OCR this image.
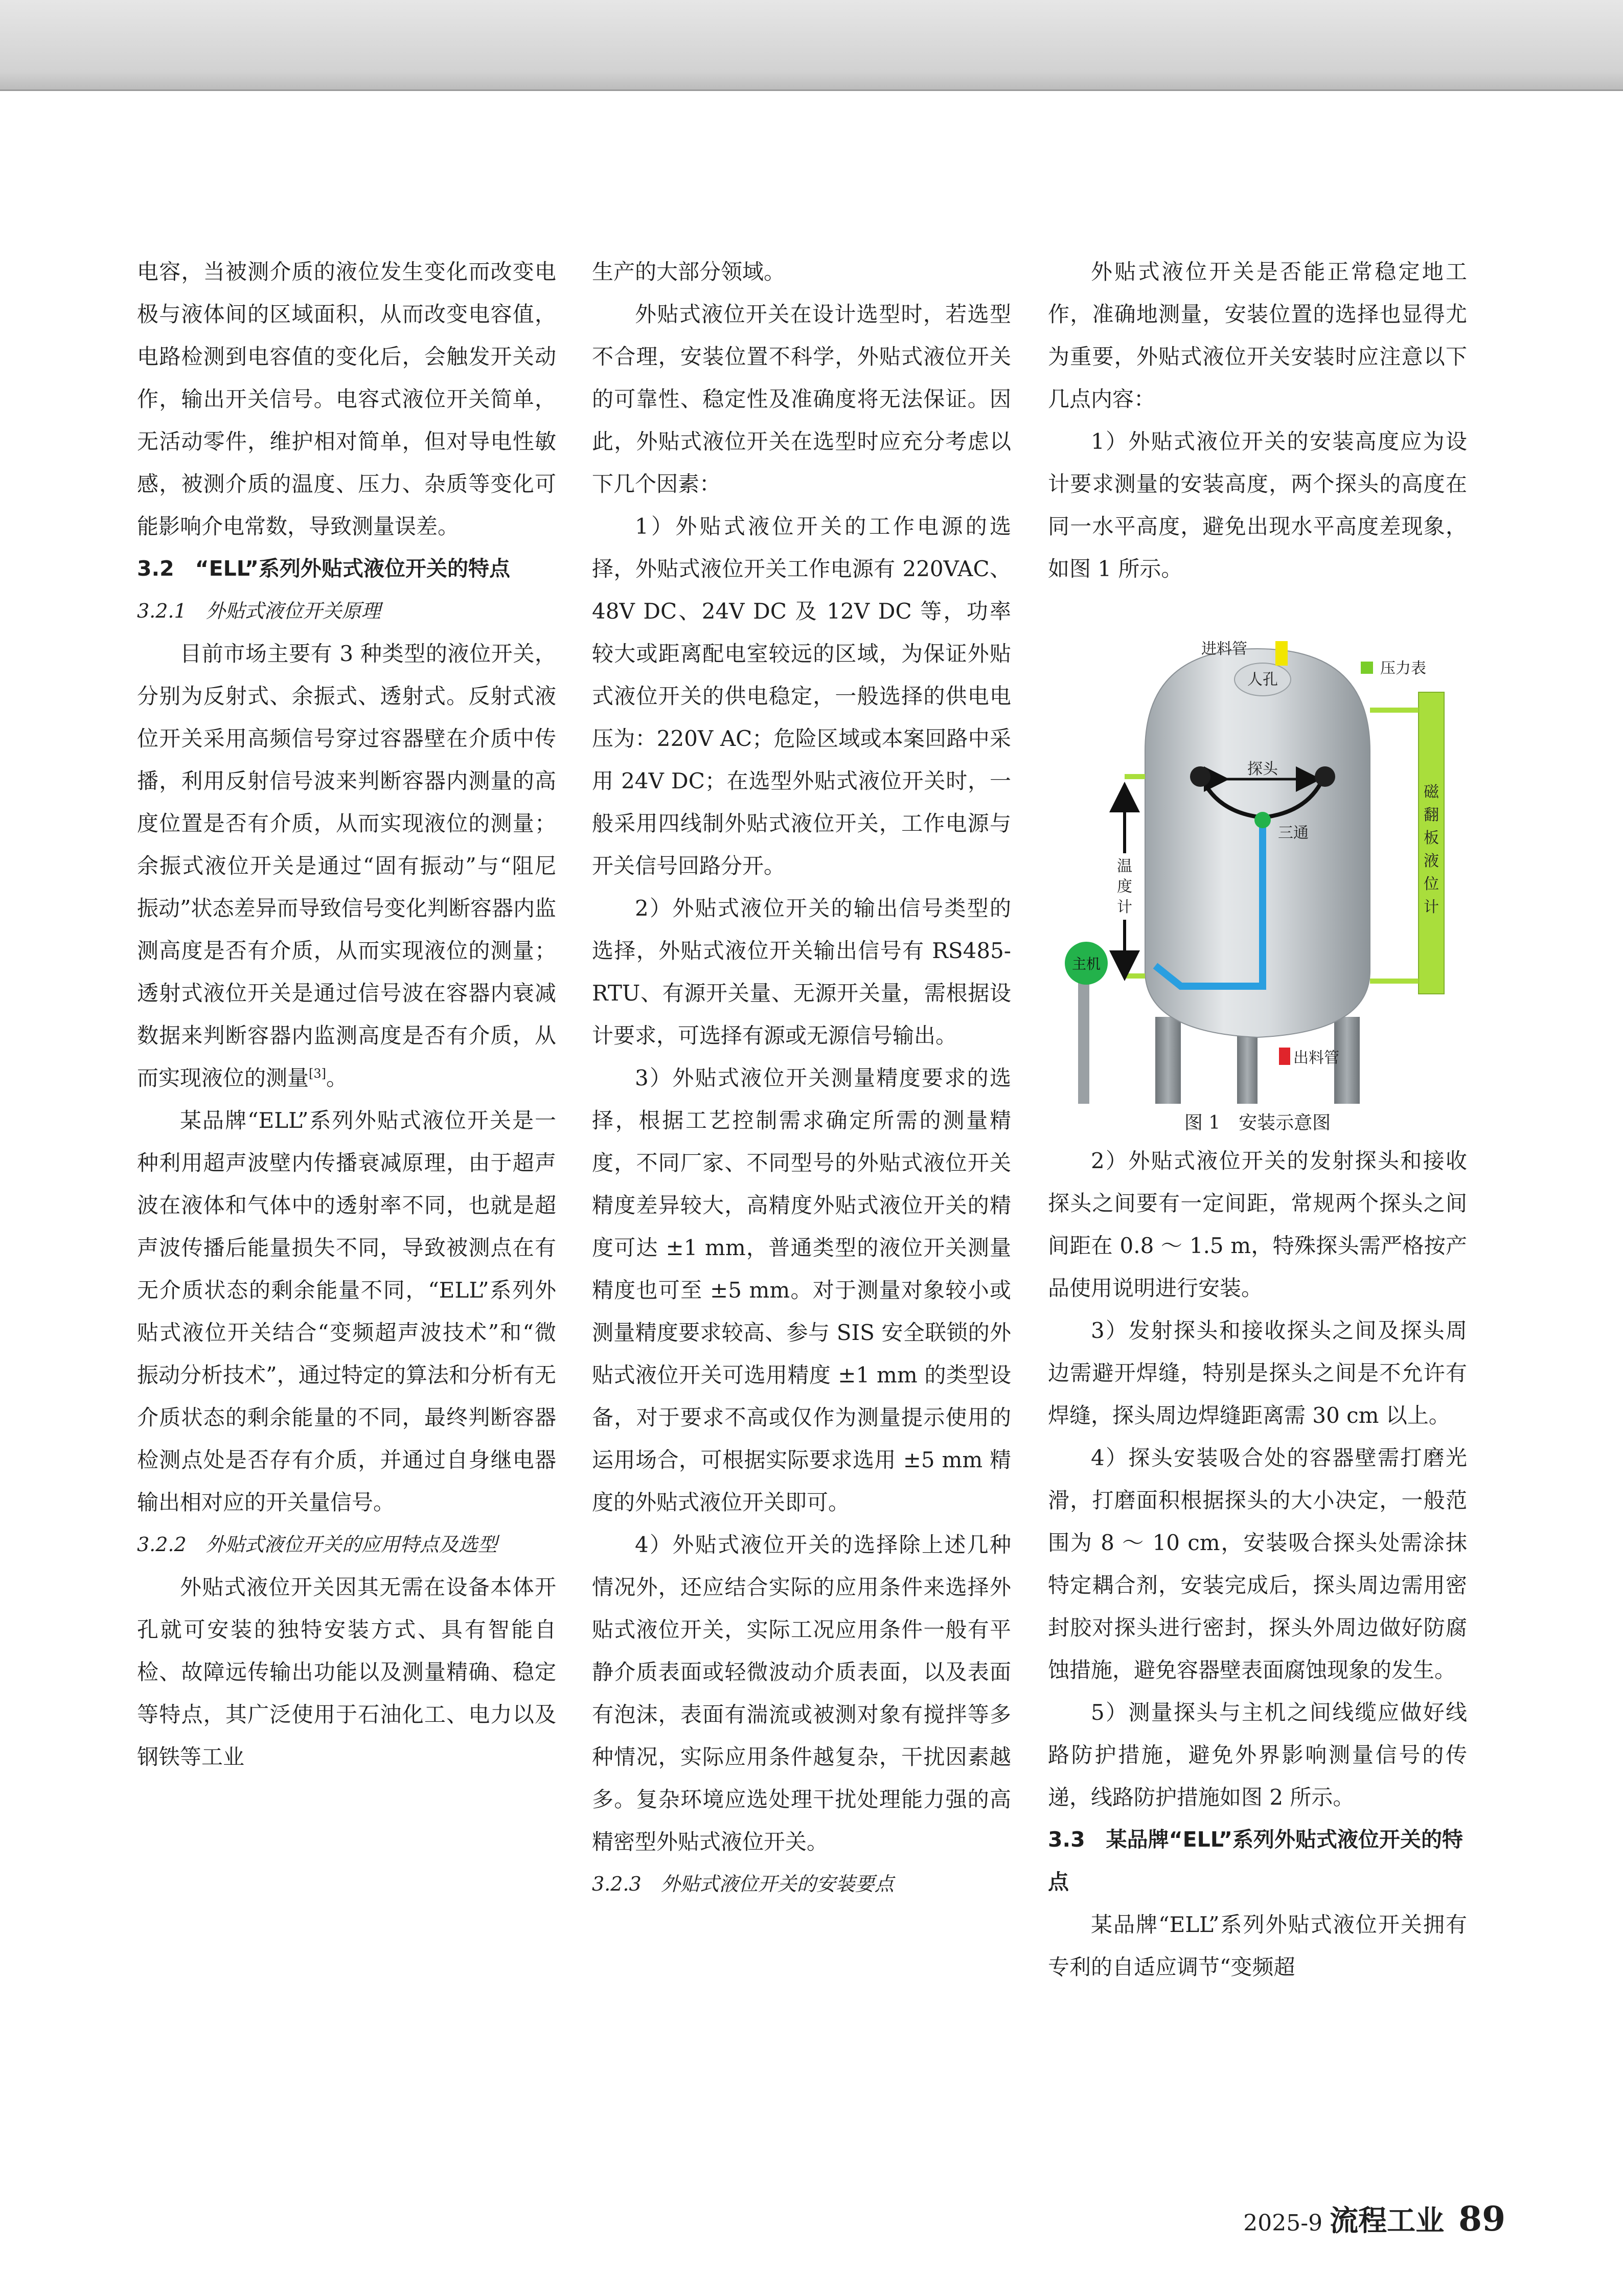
电容，当被测介质的液位发生变化而改变电极与液体间的区域面积，从而改变电容值，电路检测到电容值的变化后，会触发开关动作，输出开关信号。电容式液位开关简单，无活动零件，维护相对简单，但对导电性敏感，被测介质的温度、压力、杂质等变化可能影响介电常数，导致测量误差。

3.2　“ELL”系列外贴式液位开关的特点
3.2.1　外贴式液位开关原理

目前市场主要有 3 种类型的液位开关，分别为反射式、余振式、透射式。反射式液位开关采用高频信号穿过容器壁在介质中传播，利用反射信号波来判断容器内测量的高度位置是否有介质，从而实现液位的测量；余振式液位开关是通过“固有振动”与“阻尼振动”状态差异而导致信号变化判断容器内监测高度是否有介质，从而实现液位的测量；透射式液位开关是通过信号波在容器内衰减数据来判断容器内监测高度是否有介质，从而实现液位的测量[3]。

某品牌“ELL”系列外贴式液位开关是一种利用超声波壁内传播衰减原理，由于超声波在液体和气体中的透射率不同，也就是超声波传播后能量损失不同，导致被测点在有无介质状态的剩余能量不同，“ELL”系列外贴式液位开关结合“变频超声波技术”和“微振动分析技术”，通过特定的算法和分析有无介质状态的剩余能量的不同，最终判断容器检测点处是否存有介质，并通过自身继电器输出相对应的开关量信号。

3.2.2　外贴式液位开关的应用特点及选型

外贴式液位开关因其无需在设备本体开孔就可安装的独特安装方式、具有智能自检、故障远传输出功能以及测量精确、稳定等特点，其广泛使用于石油化工、电力以及钢铁等工业

生产的大部分领域。

外贴式液位开关在设计选型时，若选型不合理，安装位置不科学，外贴式液位开关的可靠性、稳定性及准确度将无法保证。因此，外贴式液位开关在选型时应充分考虑以下几个因素：

1）外贴式液位开关的工作电源的选择，外贴式液位开关工作电源有 220VAC、48V DC、24V DC 及 12V DC 等，功率较大或距离配电室较远的区域，为保证外贴式液位开关的供电稳定，一般选择的供电电压为：220V AC；危险区域或本案回路中采用 24V DC；在选型外贴式液位开关时，一般采用四线制外贴式液位开关，工作电源与开关信号回路分开。

2）外贴式液位开关的输出信号类型的选择，外贴式液位开关输出信号有 RS485-RTU、有源开关量、无源开关量，需根据设计要求，可选择有源或无源信号输出。

3）外贴式液位开关测量精度要求的选择，根据工艺控制需求确定所需的测量精度，不同厂家、不同型号的外贴式液位开关精度差异较大，高精度外贴式液位开关的精度可达 ±1 mm，普通类型的液位开关测量精度也可至 ±5 mm。对于测量对象较小或测量精度要求较高、参与 SIS 安全联锁的外贴式液位开关可选用精度 ±1 mm 的类型设备，对于要求不高或仅作为测量提示使用的运用场合，可根据实际要求选用 ±5 mm 精度的外贴式液位开关即可。

4）外贴式液位开关的选择除上述几种情况外，还应结合实际的应用条件来选择外贴式液位开关，实际工况应用条件一般有平静介质表面或轻微波动介质表面，以及表面有泡沫，表面有湍流或被测对象有搅拌等多种情况，实际应用条件越复杂，干扰因素越多。复杂环境应选处理干扰处理能力强的高精密型外贴式液位开关。

3.2.3　外贴式液位开关的安装要点

外贴式液位开关是否能正常稳定地工作，准确地测量，安装位置的选择也显得尤为重要，外贴式液位开关安装时应注意以下几点内容：

1）外贴式液位开关的安装高度应为设计要求测量的安装高度，两个探头的高度在同一水平高度，避免出现水平高度差现象，如图 1 所示。

人孔
进料管
压力表
磁
翻
板
液
位
计
温
度
计
探头
三通
主机
出料管
图 1　安装示意图

2）外贴式液位开关的发射探头和接收探头之间要有一定间距，常规两个探头之间间距在 0.8 ～ 1.5 m，特殊探头需严格按产品使用说明进行安装。

3）发射探头和接收探头之间及探头周边需避开焊缝，特别是探头之间是不允许有焊缝，探头周边焊缝距离需 30 cm 以上。

4）探头安装吸合处的容器壁需打磨光滑，打磨面积根据探头的大小决定，一般范围为 8 ～ 10 cm，安装吸合探头处需涂抹特定耦合剂，安装完成后，探头周边需用密封胶对探头进行密封，探头外周边做好防腐蚀措施，避免容器壁表面腐蚀现象的发生。

5）测量探头与主机之间线缆应做好线路防护措施，避免外界影响测量信号的传递，线路防护措施如图 2 所示。

3.3　某品牌“ELL”系列外贴式液位开关的特点

某品牌“ELL”系列外贴式液位开关拥有专利的自适应调节“变频超

2025-9 流程工业 89
